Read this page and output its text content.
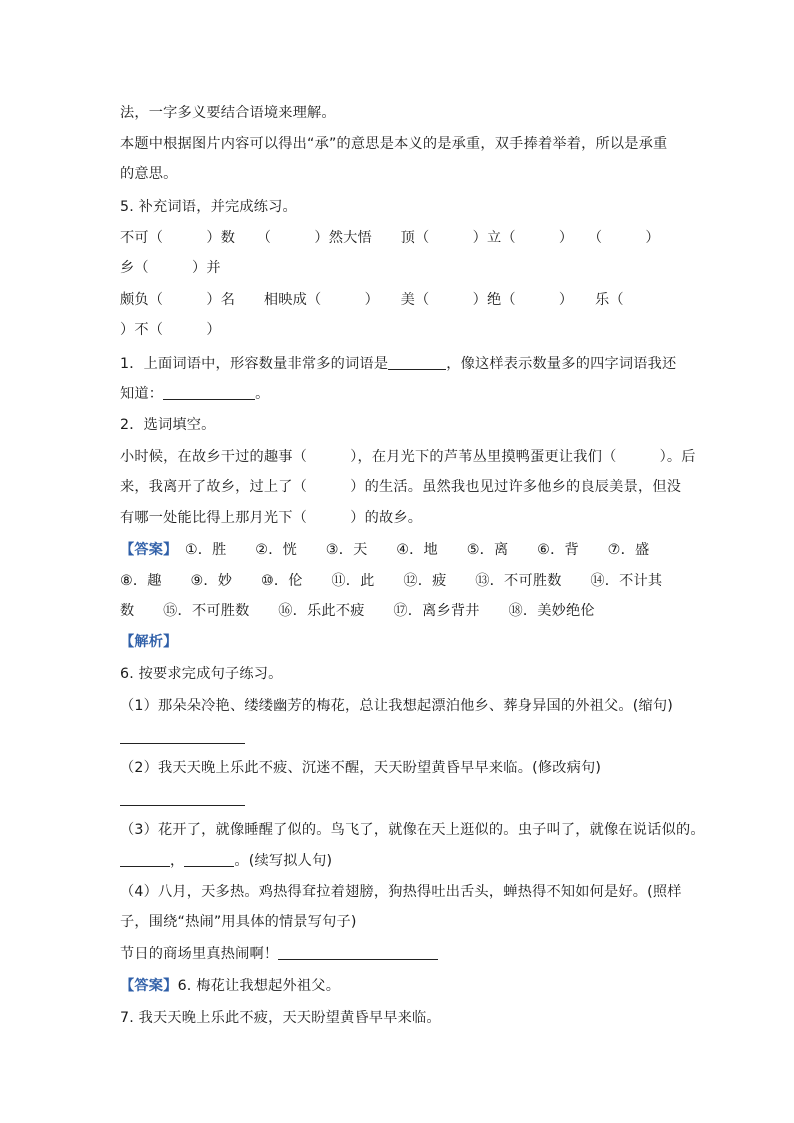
法，一字多义要结合语境来理解。
本题中根据图片内容可以得出“承”的意思是本义的是承重，双手捧着举着，所以是承重
的意思。
5. 补充词语，并完成练习。
不可（　　　）数　　（　　　）然大悟　　顶（　　　）立（　　　）　　（　　　）
乡（　　　）并
颇负（　　　）名　　相映成（　　　）　　美（　　　）绝（　　　）　　乐（
）不（　　　）
1．上面词语中，形容数量非常多的词语是	，像这样表示数量多的四字词语我还
知道：	。
2．选词填空。
小时候，在故乡干过的趣事（　　　），在月光下的芦苇丛里摸鸭蛋更让我们（　　　）。后
来，我离开了故乡，过上了（　　　）的生活。虽然我也见过许多他乡的良辰美景，但没
有哪一处能比得上那月光下（　　　）的故乡。
【答案】　①．胜　　②．恍　　③．天　　④．地　　⑤．离　　⑥．背　　⑦．盛
⑧．趣　　⑨．妙　　⑩．伦　　⑪．此　　⑫．疲　　⑬．不可胜数　　⑭．不计其
数　　⑮．不可胜数　　⑯．乐此不疲　　⑰．离乡背井　　⑱．美妙绝伦
【解析】
6. 按要求完成句子练习。
（1）那朵朵冷艳、缕缕幽芳的梅花，总让我想起漂泊他乡、葬身异国的外祖父。(缩句)
（2）我天天晚上乐此不疲、沉迷不醒，天天盼望黄昏早早来临。(修改病句)
（3）花开了，就像睡醒了似的。鸟飞了，就像在天上逛似的。虫子叫了，就像在说话似的。
，	。(续写拟人句)
（4）八月，天多热。鸡热得耷拉着翅膀，狗热得吐出舌头，蝉热得不知如何是好。(照样
子，围绕“热闹”用具体的情景写句子)
节日的商场里真热闹啊！
【答案】6. 梅花让我想起外祖父。
7. 我天天晚上乐此不疲，天天盼望黄昏早早来临。
